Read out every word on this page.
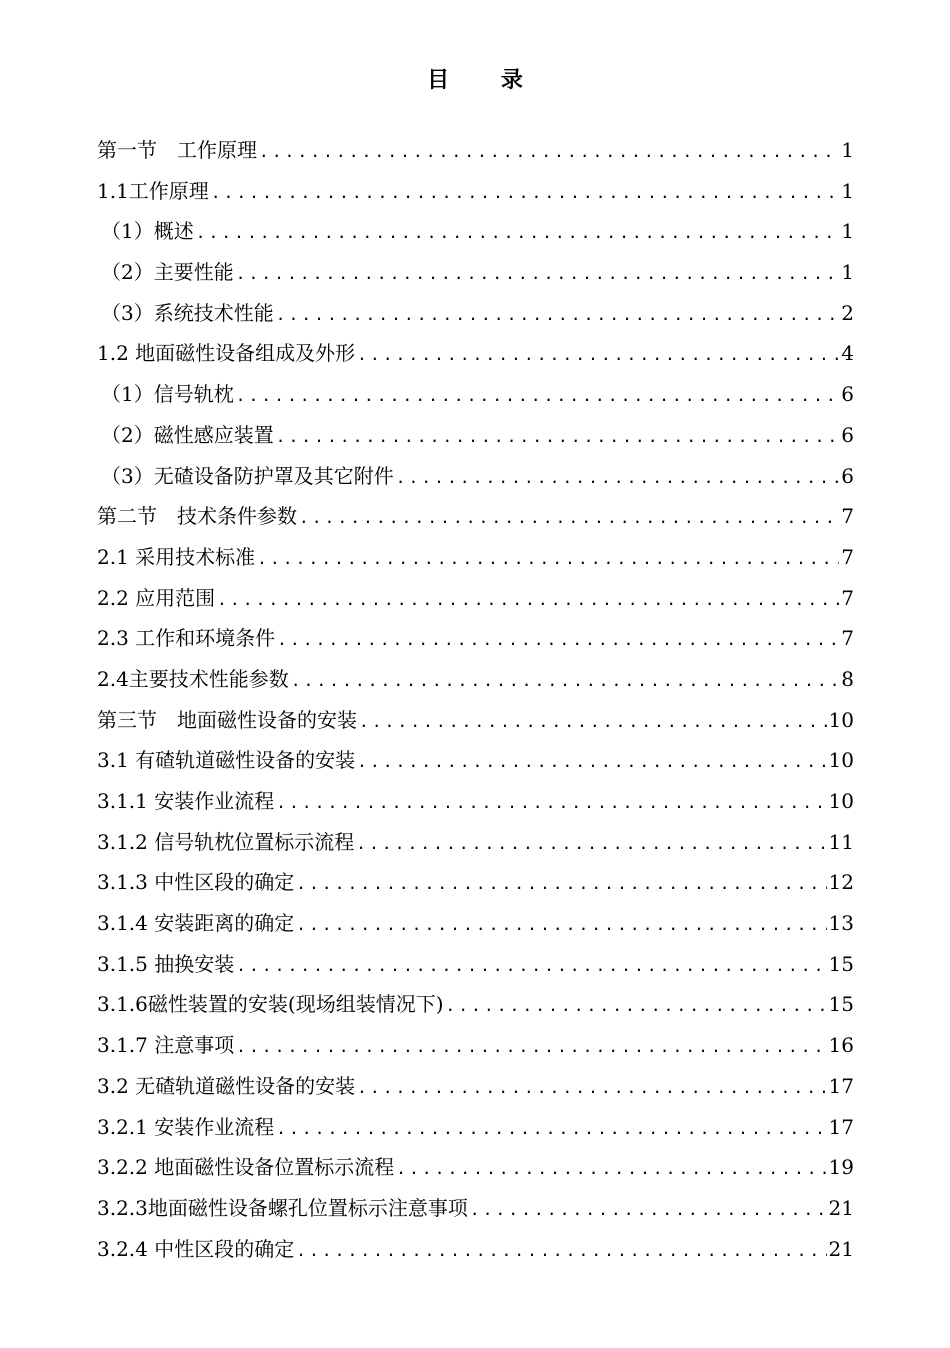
目 录
第一节　工作原理 .....	1
1.1工作原理 .....	1
（1）概述 .....	1
（2）主要性能 .....	1
（3）系统技术性能 .....	2
1.2 地面磁性设备组成及外形 .....	4
（1）信号轨枕 .....	6
（2）磁性感应装置 .....	6
（3）无碴设备防护罩及其它附件 .....	6
第二节　技术条件参数 .....	7
2.1 采用技术标准 .....	7
2.2 应用范围 .....	7
2.3 工作和环境条件 .....	7
2.4主要技术性能参数 .....	8
第三节　地面磁性设备的安装 .....	10
3.1 有碴轨道磁性设备的安装 .....	10
3.1.1 安装作业流程 .....	10
3.1.2 信号轨枕位置标示流程 .....	11
3.1.3 中性区段的确定 .....	12
3.1.4 安装距离的确定 .....	13
3.1.5 抽换安装 .....	15
3.1.6磁性装置的安装(现场组装情况下) .....	15
3.1.7 注意事项 .....	16
3.2 无碴轨道磁性设备的安装 .....	17
3.2.1 安装作业流程 .....	17
3.2.2 地面磁性设备位置标示流程 .....	19
3.2.3地面磁性设备螺孔位置标示注意事项 .....	21
3.2.4 中性区段的确定 .....	21
